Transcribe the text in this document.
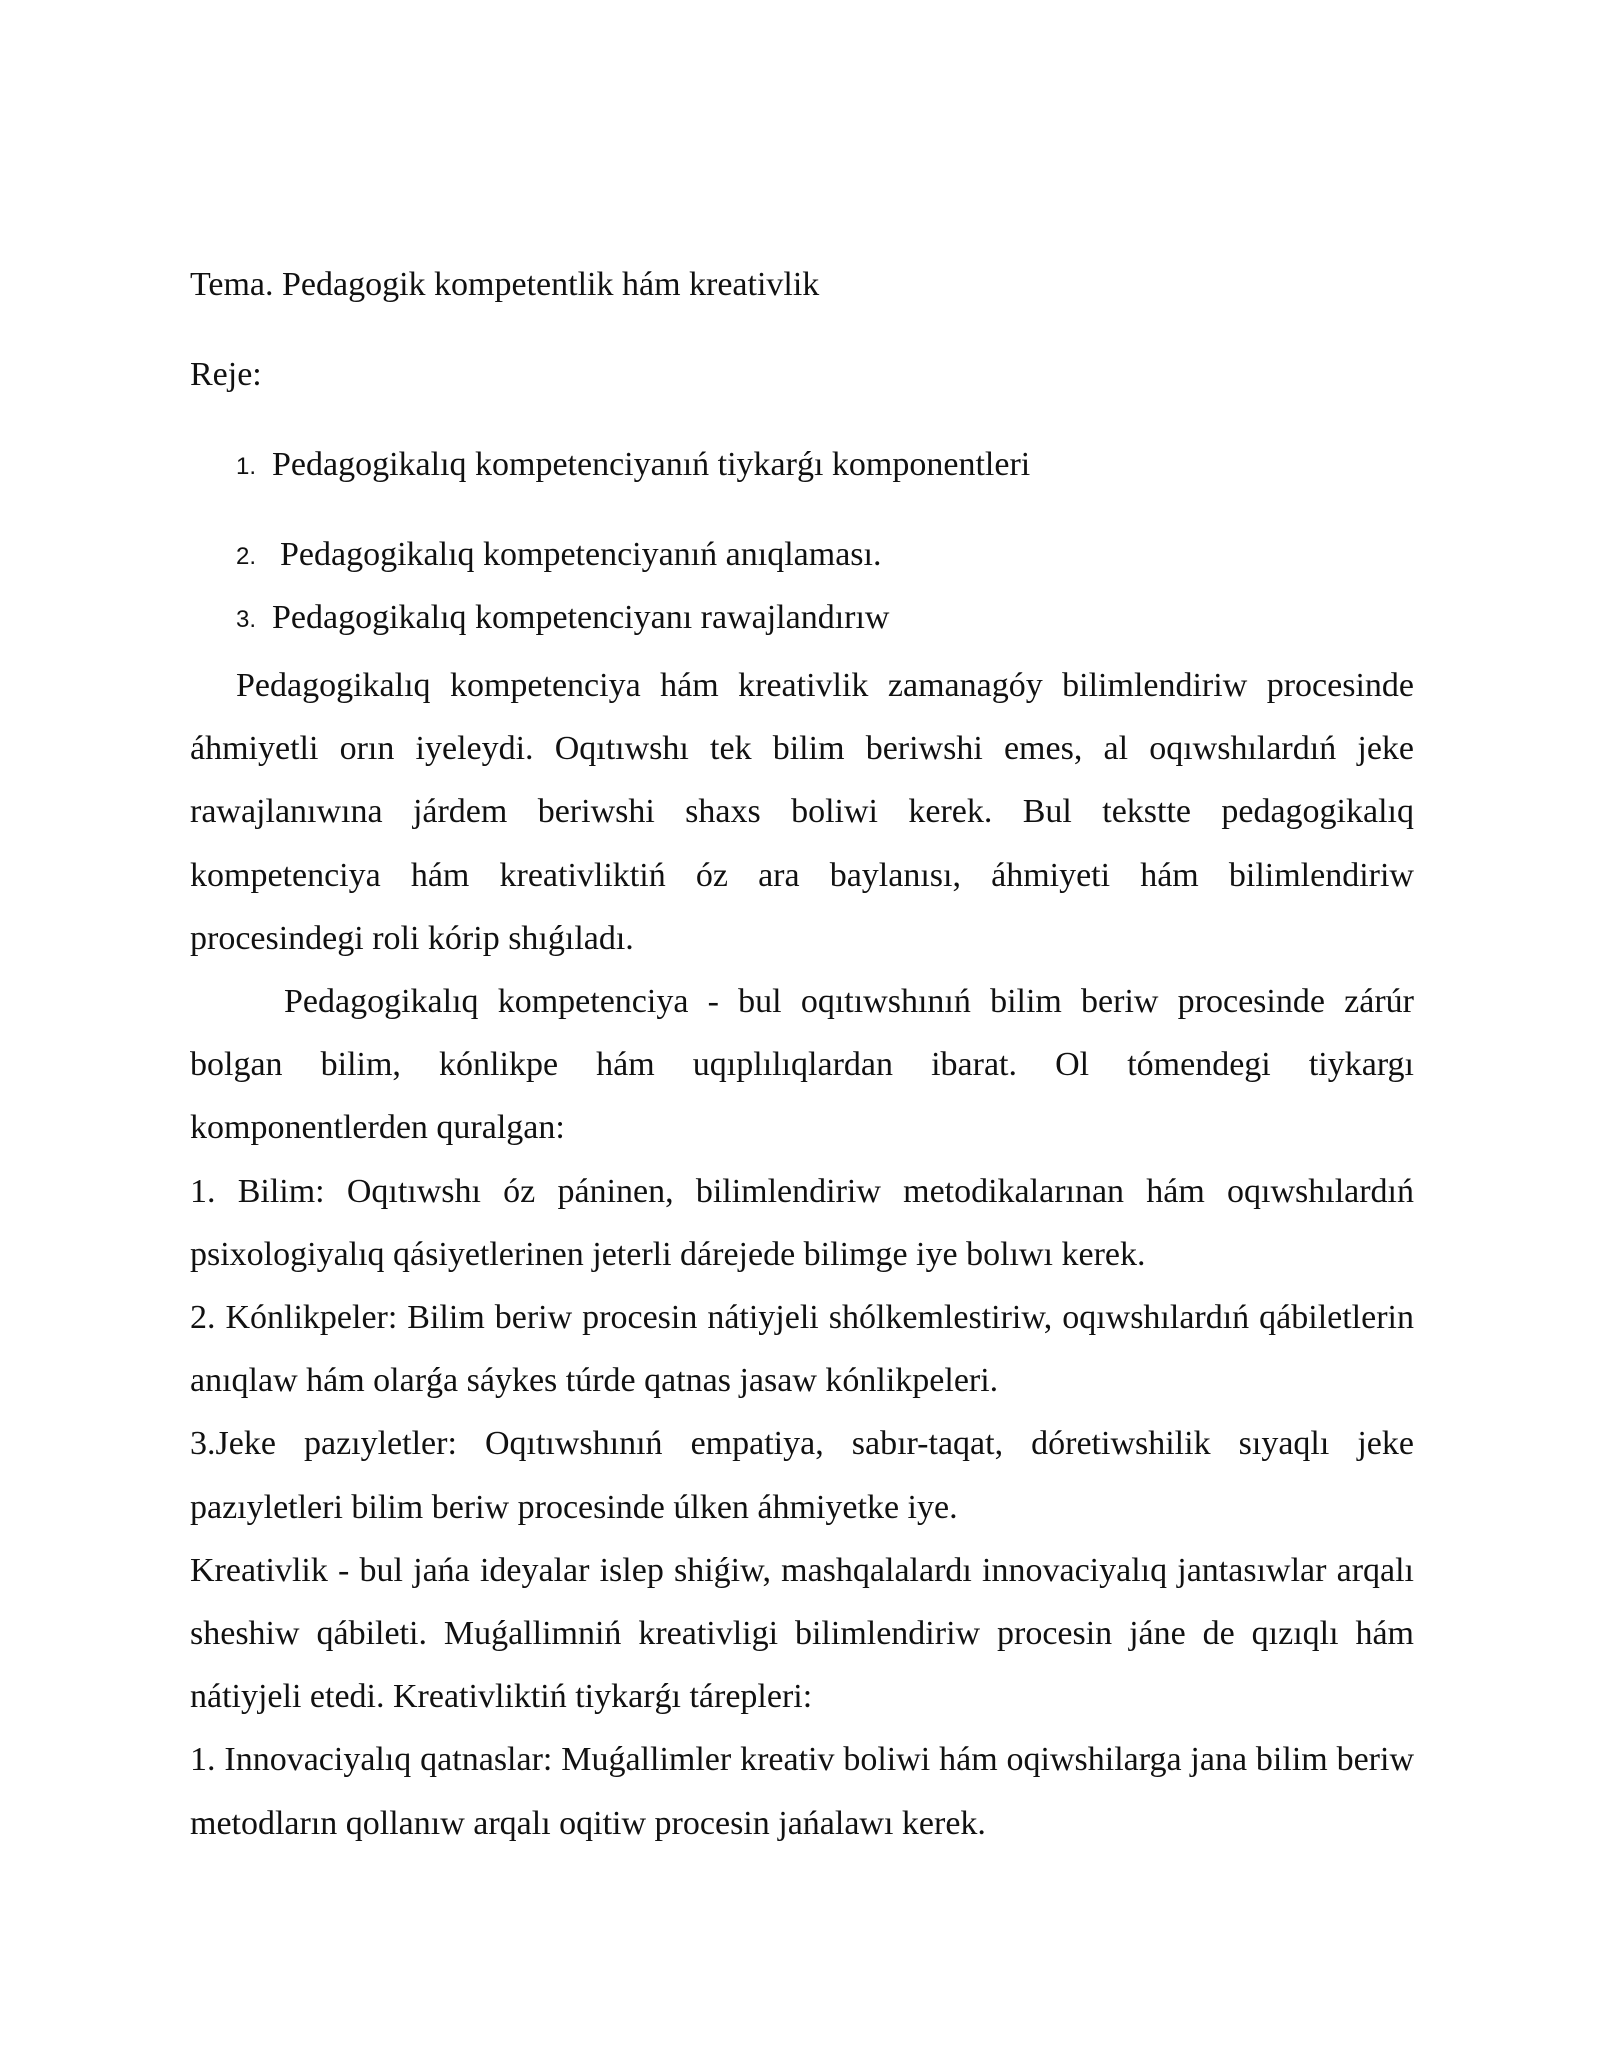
Tema. Pedagogik kompetentlik hám kreativlik
Reje:
1. Pedagogikalıq kompetenciyanıń tiykarǵı komponentleri
2. Pedagogikalıq kompetenciyanıń anıqlaması.
3. Pedagogikalıq kompetenciyanı rawajlandırıw

Pedagogikalıq kompetenciya hám kreativlik zamanagóy bilimlendiriw procesinde áhmiyetli orın iyeleydi. Oqıtıwshı tek bilim beriwshi emes, al oqıwshılardıń jeke rawajlanıwına járdem beriwshi shaxs boliwi kerek. Bul tekstte pedagogikalıq kompetenciya hám kreativliktiń óz ara baylanısı, áhmiyeti hám bilimlendiriw procesindegi roli kórip shıǵıladı.

Pedagogikalıq kompetenciya - bul oqıtıwshınıń bilim beriw procesinde zárúr bolgan bilim, kónlikpe hám uqıplılıqlardan ibarat. Ol tómendegi tiykargı komponentlerden quralgan:

1. Bilim: Oqıtıwshı óz páninen, bilimlendiriw metodikalarınan hám oqıwshılardıń psixologiyalıq qásiyetlerinen jeterli dárejede bilimge iye bolıwı kerek.

2. Kónlikpeler: Bilim beriw procesin nátiyjeli shólkemlestiriw, oqıwshılardıń qábiletlerin anıqlaw hám olarǵa sáykes túrde qatnas jasaw kónlikpeleri.

3.Jeke pazıyletler: Oqıtıwshınıń empatiya, sabır-taqat, dóretiwshilik sıyaqlı jeke pazıyletleri bilim beriw procesinde úlken áhmiyetke iye.

Kreativlik - bul jańa ideyalar islep shiǵiw, mashqalalardı innovaciyalıq jantasıwlar arqalı sheshiw qábileti. Muǵallimniń kreativligi bilimlendiriw procesin jáne de qızıqlı hám nátiyjeli etedi. Kreativliktiń tiykarǵı tárepleri:

1. Innovaciyalıq qatnaslar: Muǵallimler kreativ boliwi hám oqiwshilarga jana bilim beriw metodların qollanıw arqalı oqitiw procesin jańalawı kerek.
